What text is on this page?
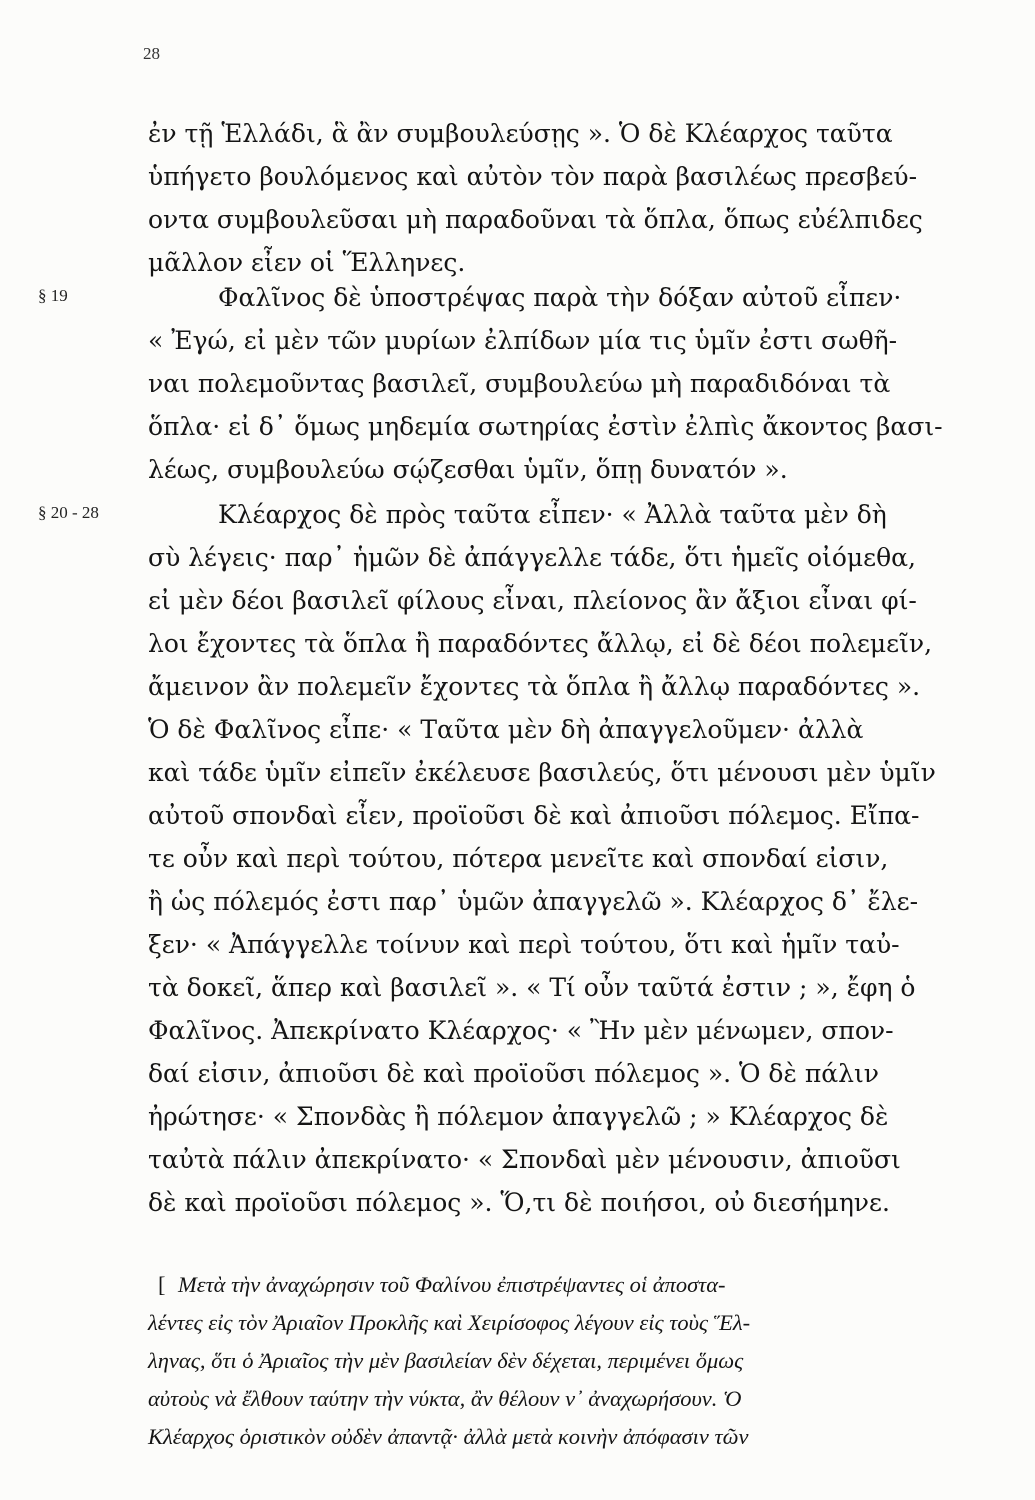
28
§ 19
§ 20 - 28
ἐν τῇ Ἑλλάδι, ἃ ἂν συμβουλεύσῃς ». Ὁ δὲ Κλέαρχος ταῦτα
ὑπήγετο βουλόμενος καὶ αὐτὸν τὸν παρὰ βασιλέως πρεσβεύ-
οντα συμβουλεῦσαι μὴ παραδοῦναι τὰ ὅπλα, ὅπως εὐέλπιδες
μᾶλλον εἶεν οἱ Ἕλληνες.
Φαλῖνος δὲ ὑποστρέψας παρὰ τὴν δόξαν αὐτοῦ εἶπεν·
« Ἐγώ, εἰ μὲν τῶν μυρίων ἐλπίδων μία τις ὑμῖν ἐστι σωθῆ-
ναι πολεμοῦντας βασιλεῖ, συμβουλεύω μὴ παραδιδόναι τὰ
ὅπλα· εἰ δ᾽ ὅμως μηδεμία σωτηρίας ἐστὶν ἐλπὶς ἄκοντος βασι-
λέως, συμβουλεύω σῴζεσθαι ὑμῖν, ὅπῃ δυνατόν ».
Κλέαρχος δὲ πρὸς ταῦτα εἶπεν· « Ἀλλὰ ταῦτα μὲν δὴ
σὺ λέγεις· παρ᾽ ἡμῶν δὲ ἀπάγγελλε τάδε, ὅτι ἡμεῖς οἰόμεθα,
εἰ μὲν δέοι βασιλεῖ φίλους εἶναι, πλείονος ἂν ἄξιοι εἶναι φί-
λοι ἔχοντες τὰ ὅπλα ἢ παραδόντες ἄλλῳ, εἰ δὲ δέοι πολεμεῖν,
ἄμεινον ἂν πολεμεῖν ἔχοντες τὰ ὅπλα ἢ ἄλλῳ παραδόντες ».
Ὁ δὲ Φαλῖνος εἶπε· « Ταῦτα μὲν δὴ ἀπαγγελοῦμεν· ἀλλὰ
καὶ τάδε ὑμῖν εἰπεῖν ἐκέλευσε βασιλεύς, ὅτι μένουσι μὲν ὑμῖν
αὐτοῦ σπονδαὶ εἶεν, προϊοῦσι δὲ καὶ ἀπιοῦσι πόλεμος. Εἴπα-
τε οὖν καὶ περὶ τούτου, πότερα μενεῖτε καὶ σπονδαί εἰσιν,
ἢ ὡς πόλεμός ἐστι παρ᾽ ὑμῶν ἀπαγγελῶ ». Κλέαρχος δ᾽ ἔλε-
ξεν· « Ἀπάγγελλε τοίνυν καὶ περὶ τούτου, ὅτι καὶ ἡμῖν ταὐ-
τὰ δοκεῖ, ἅπερ καὶ βασιλεῖ ». « Τί οὖν ταῦτά ἐστιν ; », ἔφη ὁ
Φαλῖνος. Ἀπεκρίνατο Κλέαρχος· « Ἢν μὲν μένωμεν, σπον-
δαί εἰσιν, ἀπιοῦσι δὲ καὶ προϊοῦσι πόλεμος ». Ὁ δὲ πάλιν
ἠρώτησε· « Σπονδὰς ἢ πόλεμον ἀπαγγελῶ ; » Κλέαρχος δὲ
ταὐτὰ πάλιν ἀπεκρίνατο· « Σπονδαὶ μὲν μένουσιν, ἀπιοῦσι
δὲ καὶ προϊοῦσι πόλεμος ». Ὅ,τι δὲ ποιήσοι, οὐ διεσήμηνε.
[ Μετὰ τὴν ἀναχώρησιν τοῦ Φαλίνου ἐπιστρέψαντες οἱ ἀποστα-
λέντες εἰς τὸν Ἀριαῖον Προκλῆς καὶ Χειρίσοφος λέγουν εἰς τοὺς Ἕλ-
ληνας, ὅτι ὁ Ἀριαῖος τὴν μὲν βασιλείαν δὲν δέχεται, περιμένει ὅμως
αὐτοὺς νὰ ἔλθουν ταύτην τὴν νύκτα, ἂν θέλουν ν᾽ ἀναχωρήσουν. Ὁ
Κλέαρχος ὁριστικὸν οὐδὲν ἀπαντᾷ· ἀλλὰ μετὰ κοινὴν ἀπόφασιν τῶν
